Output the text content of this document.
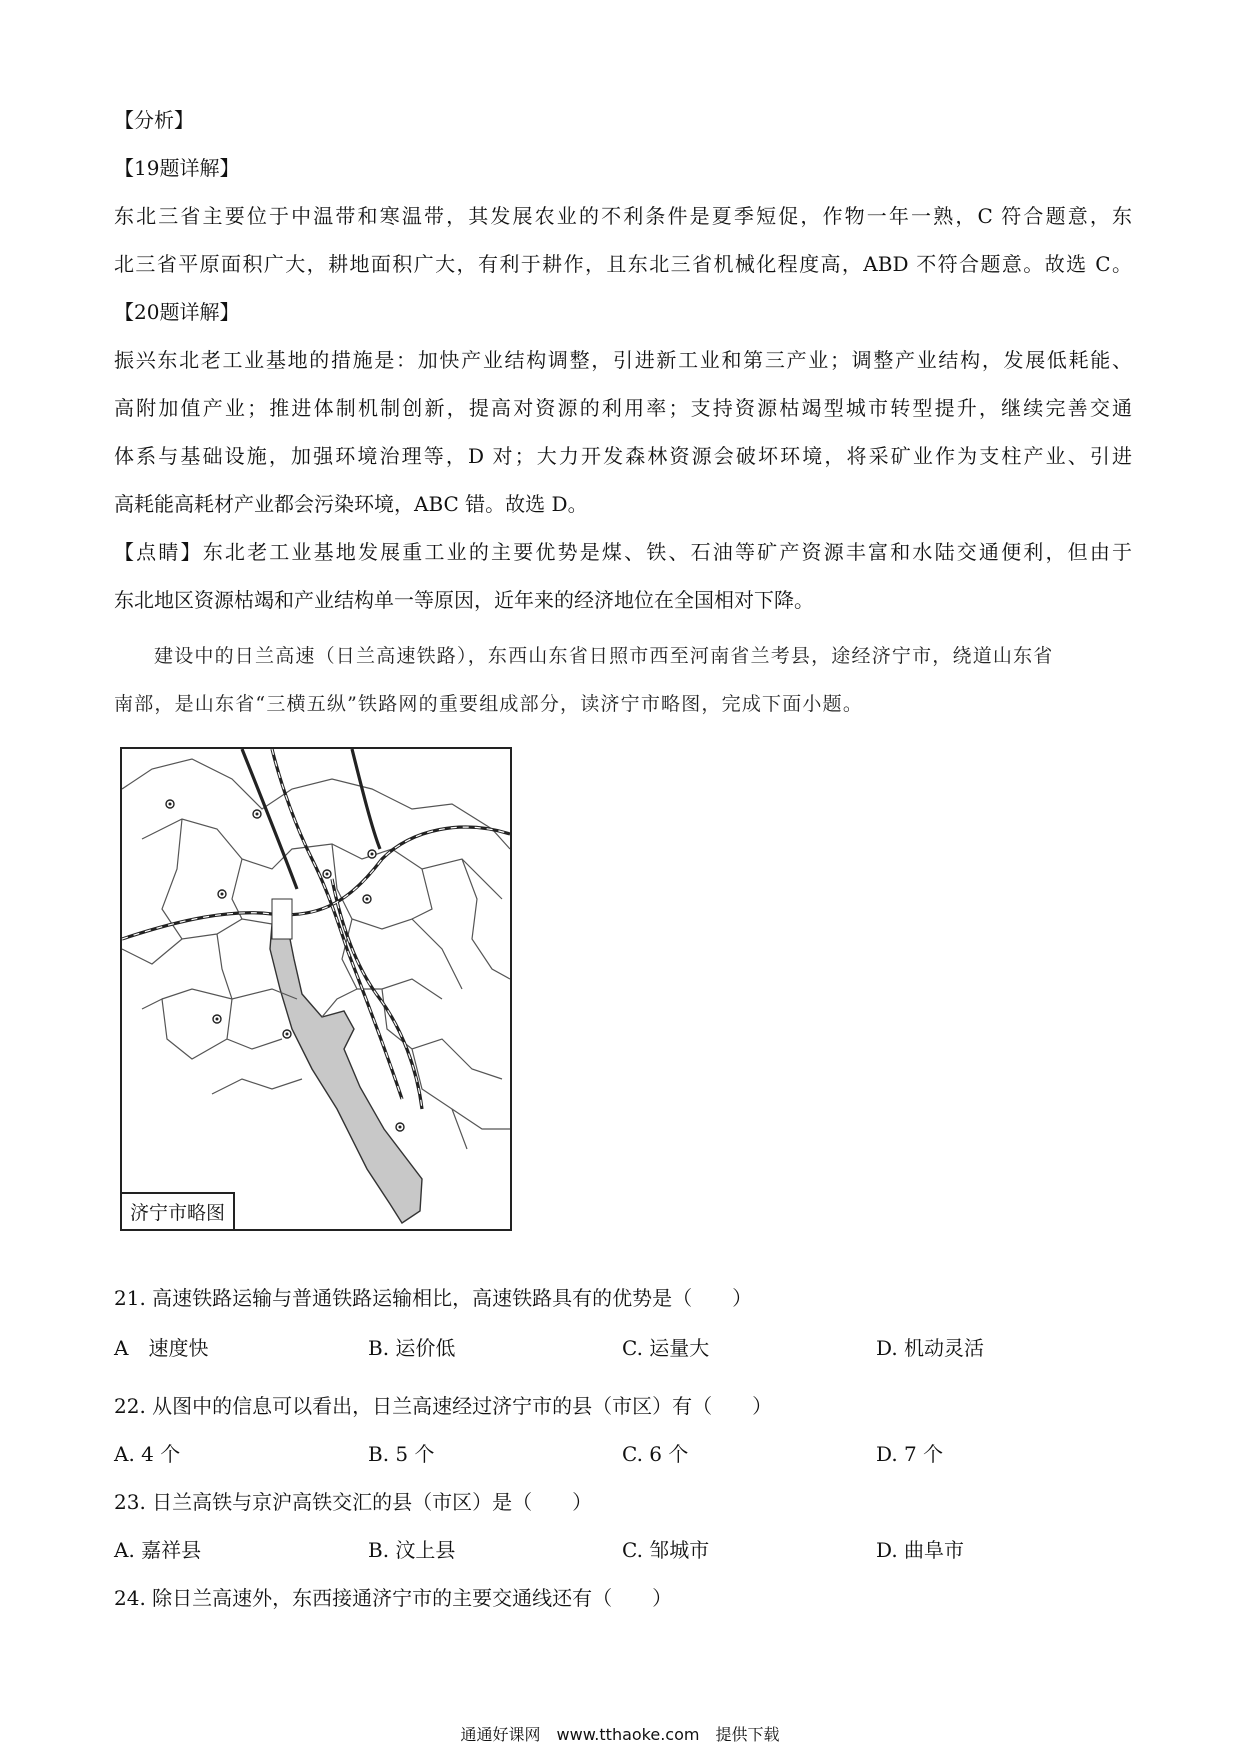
【分析】
【19题详解】
东北三省主要位于中温带和寒温带，其发展农业的不利条件是夏季短促，作物一年一熟，C 符合题意，东
北三省平原面积广大，耕地面积广大，有利于耕作，且东北三省机械化程度高，ABD 不符合题意。故选 C。
【20题详解】
振兴东北老工业基地的措施是：加快产业结构调整，引进新工业和第三产业；调整产业结构，发展低耗能、
高附加值产业；推进体制机制创新，提高对资源的利用率；支持资源枯竭型城市转型提升，继续完善交通
体系与基础设施，加强环境治理等，D 对；大力开发森林资源会破坏环境，将采矿业作为支柱产业、引进
高耗能高耗材产业都会污染环境，ABC 错。故选 D。
【点睛】东北老工业基地发展重工业的主要优势是煤、铁、石油等矿产资源丰富和水陆交通便利，但由于
东北地区资源枯竭和产业结构单一等原因，近年来的经济地位在全国相对下降。
建设中的日兰高速（日兰高速铁路），东西山东省日照市西至河南省兰考县，途经济宁市，绕道山东省
南部，是山东省“三横五纵”铁路网的重要组成部分，读济宁市略图，完成下面小题。
济宁市略图
21. 高速铁路运输与普通铁路运输相比，高速铁路具有的优势是（　　）
A　速度快	B. 运价低	C. 运量大	D. 机动灵活
22. 从图中的信息可以看出，日兰高速经过济宁市的县（市区）有（　　）
A. 4 个	B. 5 个	C. 6 个	D. 7 个
23. 日兰高铁与京沪高铁交汇的县（市区）是（　　）
A. 嘉祥县	B. 汶上县	C. 邹城市	D. 曲阜市
24. 除日兰高速外，东西接通济宁市的主要交通线还有（　　）
通通好课网　www.tthaoke.com　提供下载
